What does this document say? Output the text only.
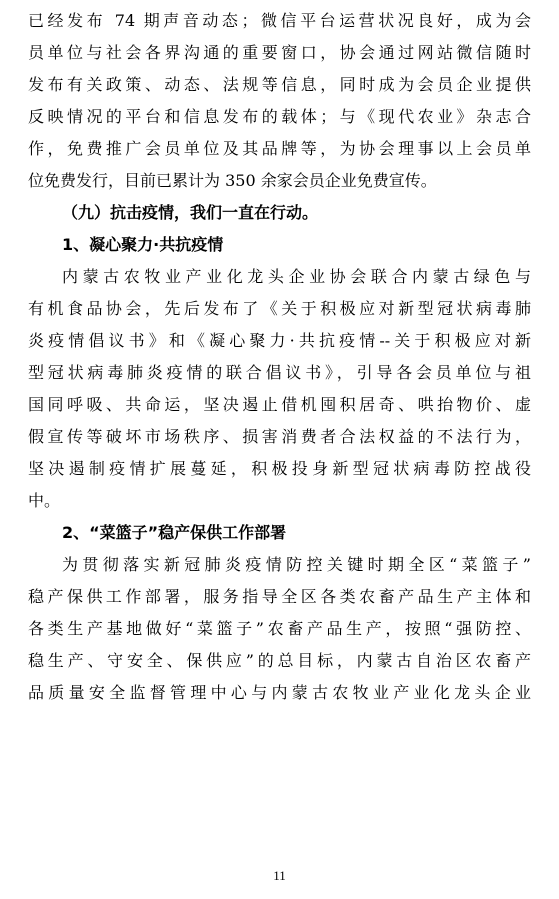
已经发布 74 期声音动态；微信平台运营状况良好，成为会
员单位与社会各界沟通的重要窗口，协会通过网站微信随时
发布有关政策、动态、法规等信息，同时成为会员企业提供
反映情况的平台和信息发布的载体；与《现代农业》杂志合
作，免费推广会员单位及其品牌等，为协会理事以上会员单
位免费发行，目前已累计为 350 余家会员企业免费宣传。
（九）抗击疫情，我们一直在行动。
1、凝心聚力·共抗疫情
内蒙古农牧业产业化龙头企业协会联合内蒙古绿色与
有机食品协会，先后发布了《关于积极应对新型冠状病毒肺
炎疫情倡议书》和《凝心聚力·共抗疫情--关于积极应对新
型冠状病毒肺炎疫情的联合倡议书》，引导各会员单位与祖
国同呼吸、共命运，坚决遏止借机囤积居奇、哄抬物价、虚
假宣传等破坏市场秩序、损害消费者合法权益的不法行为，
坚决遏制疫情扩展蔓延，积极投身新型冠状病毒防控战役
中。
2、“菜篮子”稳产保供工作部署
为贯彻落实新冠肺炎疫情防控关键时期全区“菜篮子”
稳产保供工作部署，服务指导全区各类农畜产品生产主体和
各类生产基地做好“菜篮子”农畜产品生产，按照“强防控、
稳生产、守安全、保供应”的总目标，内蒙古自治区农畜产
品质量安全监督管理中心与内蒙古农牧业产业化龙头企业
11
